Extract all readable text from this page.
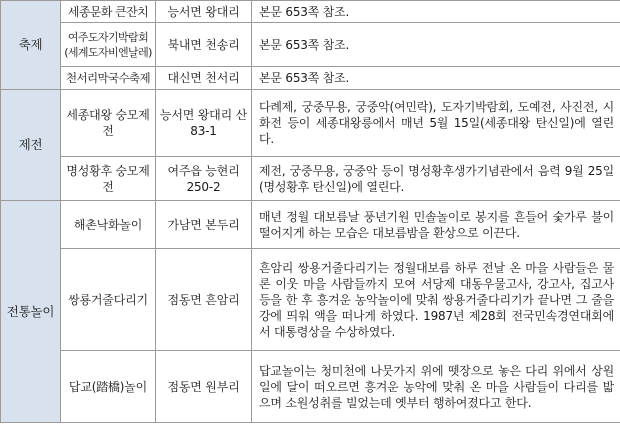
축제	세종문화 큰잔치	능서면 왕대리	본문 653쪽 참조.
	여주도자기박람회 (세계도자비엔날레)	북내면 천송리	본문 653쪽 참조.
	천서리막국수축제	대신면 천서리	본문 653쪽 참조.
제전	세종대왕 숭모제전	능서면 왕대리 산 83-1	다례제, 궁중무용, 궁중악(여민락), 도자기박람회, 도예전, 사진전, 시화전 등이 세종대왕릉에서 매년 5월 15일(세종대왕 탄신일)에 열린다.
	명성황후 숭모제전	여주읍 능현리 250-2	제전, 궁중무용, 궁중악 등이 명성황후생가기념관에서 음력 9월 25일(명성황후 탄신일)에 열린다.
전통놀이	해촌낙화놀이	가남면 본두리	매년 정월 대보름날 풍년기원 민솔놀이로 봉지를 흔들어 숯가루 불이 떨어지게 하는 모습은 대보름밤을 환상으로 이끈다.
	쌍룡거줄다리기	점동면 흔암리	흔암리 쌍용거줄다리기는 정월대보름 하루 전날 온 마을 사람들은 물론 이웃 마을 사람들까지 모여 서당제 대동우물고사, 강고사, 집고사 등을 한 후 흥겨운 농악놀이에 맞춰 쌍용거줄다리기가 끝나면 그 줄을 강에 띄워 액을 떠나게 하였다. 1987년 제28회 전국민속경연대회에서 대통령상을 수상하였다.
	답교(踏橋)놀이	점동면 원부리	답교놀이는 청미천에 나뭇가지 위에 뗏장으로 놓은 다리 위에서 상원일에 달이 떠오르면 흥겨운 농악에 맞춰 온 마을 사람들이 다리를 밟으며 소원성취를 빌었는데 옛부터 행하여졌다고 한다.
